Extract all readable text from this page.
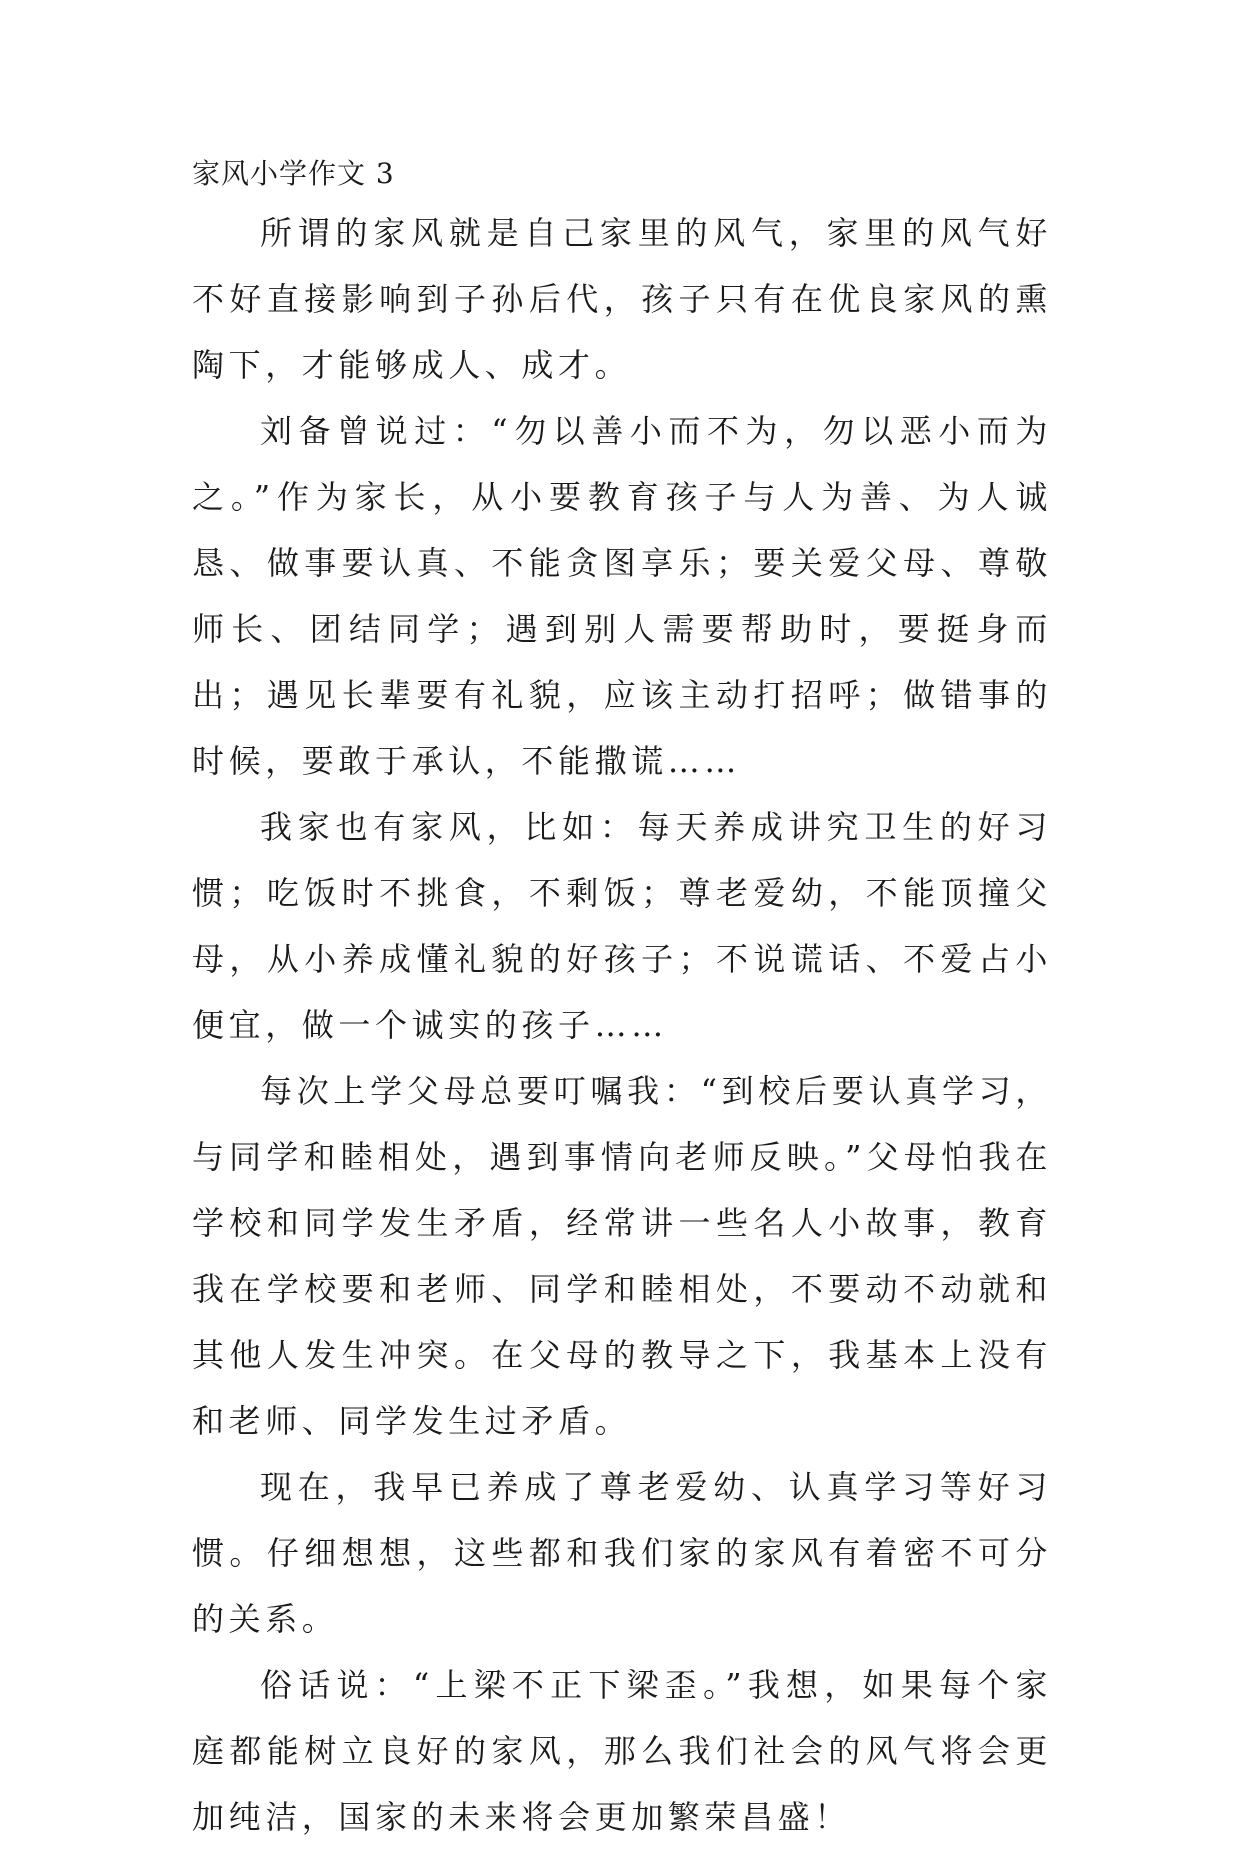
家风小学作文 3

所谓的家风就是自己家里的风气，家里的风气好不好直接影响到子孙后代，孩子只有在优良家风的熏陶下，才能够成人、成才。

刘备曾说过：“勿以善小而不为，勿以恶小而为之。”作为家长，从小要教育孩子与人为善、为人诚恳、做事要认真、不能贪图享乐；要关爱父母、尊敬师长、团结同学；遇到别人需要帮助时，要挺身而出；遇见长辈要有礼貌，应该主动打招呼；做错事的时候，要敢于承认，不能撒谎……

我家也有家风，比如：每天养成讲究卫生的好习惯；吃饭时不挑食，不剩饭；尊老爱幼，不能顶撞父母，从小养成懂礼貌的好孩子；不说谎话、不爱占小便宜，做一个诚实的孩子……

每次上学父母总要叮嘱我：“到校后要认真学习，与同学和睦相处，遇到事情向老师反映。”父母怕我在学校和同学发生矛盾，经常讲一些名人小故事，教育我在学校要和老师、同学和睦相处，不要动不动就和其他人发生冲突。在父母的教导之下，我基本上没有和老师、同学发生过矛盾。

现在，我早已养成了尊老爱幼、认真学习等好习惯。仔细想想，这些都和我们家的家风有着密不可分的关系。

俗话说：“上梁不正下梁歪。”我想，如果每个家庭都能树立良好的家风，那么我们社会的风气将会更加纯洁，国家的未来将会更加繁荣昌盛！
